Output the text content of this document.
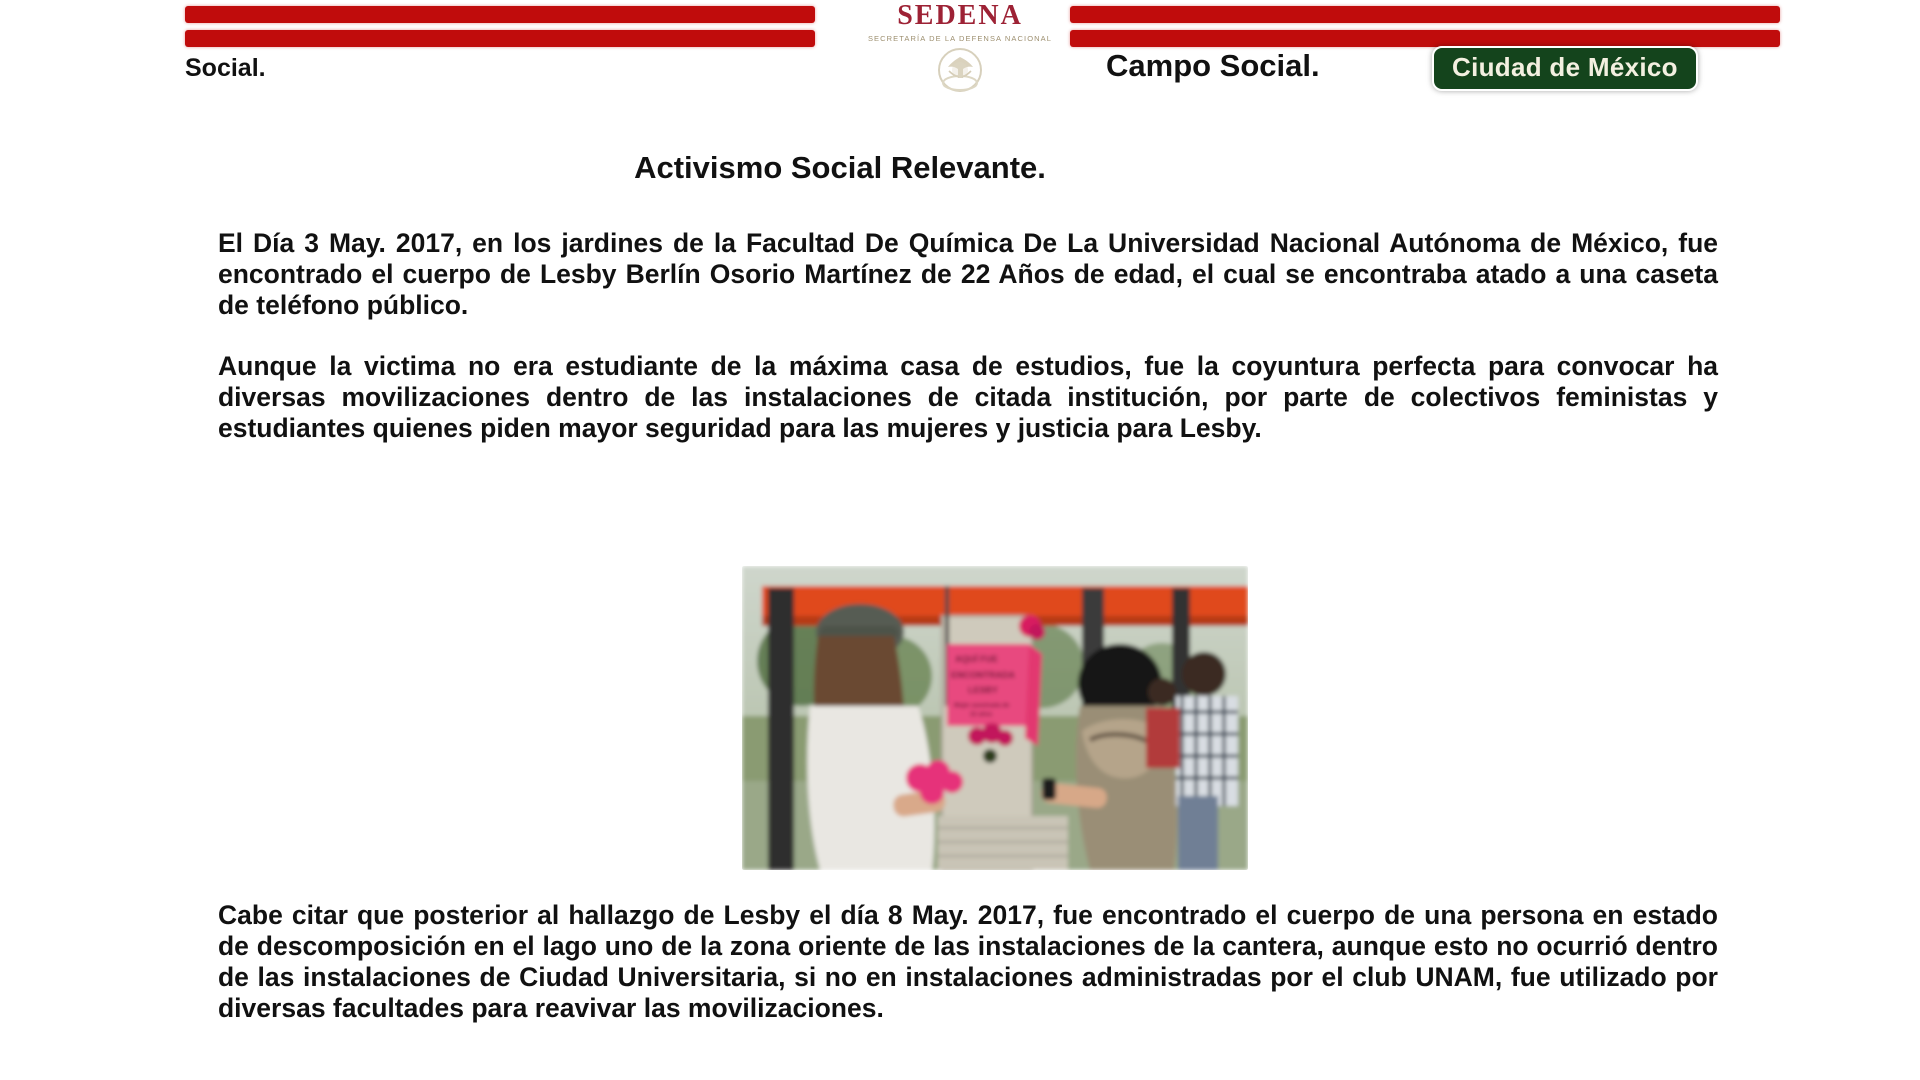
SEDENA
SECRETARÍA DE LA DEFENSA NACIONAL
Social.	Campo Social.	Ciudad de México
Activismo Social Relevante.

El Día 3 May. 2017, en los jardines de la Facultad De Química De La Universidad Nacional Autónoma de México, fue encontrado el cuerpo de Lesby Berlín Osorio Martínez de 22 Años de edad, el cual se encontraba atado a una caseta de teléfono público.

Aunque la victima no era estudiante de la máxima casa de estudios, fue la coyuntura perfecta para convocar ha diversas movilizaciones dentro de las instalaciones de citada institución, por parte de colectivos feministas y estudiantes quienes piden mayor seguridad para las mujeres y justicia para Lesby.

AQUÍ FUE
ENCONTRADA
LESBY
Mujer asesinada de
22 años

Cabe citar que posterior al hallazgo de Lesby el día 8 May. 2017, fue encontrado el cuerpo de una persona en estado de descomposición en el lago uno de la zona oriente de las instalaciones de la cantera, aunque esto no ocurrió dentro de las instalaciones de Ciudad Universitaria, si no en instalaciones administradas por el club UNAM, fue utilizado por diversas facultades para reavivar las movilizaciones.
